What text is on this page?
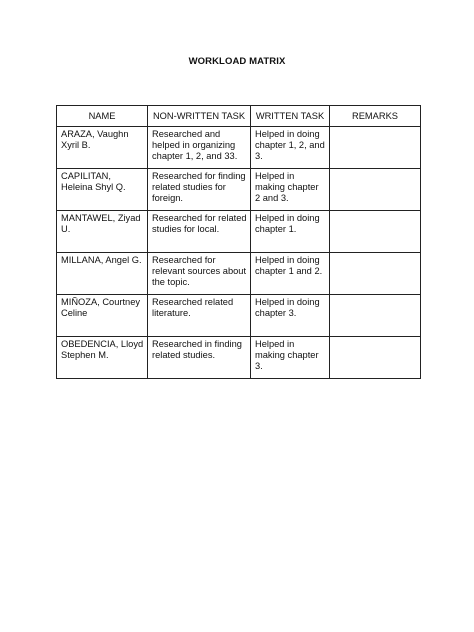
WORKLOAD MATRIX
NAME	NON-WRITTEN TASK	WRITTEN TASK	REMARKS
ARAZA, Vaughn Xyril B.	Researched and helped in organizing chapter 1, 2, and 33.	Helped in doing chapter 1, 2, and 3.	
CAPILITAN, Heleina Shyl Q.	Researched for finding related studies for foreign.	Helped in making chapter 2 and 3.	
MANTAWEL, Ziyad U.	Researched for related studies for local.	Helped in doing chapter 1.	
MILLANA, Angel G.	Researched for relevant sources about the topic.	Helped in doing chapter 1 and 2.	
MIÑOZA, Courtney Celine	Researched related literature.	Helped in doing chapter 3.	
OBEDENCIA, Lloyd Stephen M.	Researched in finding related studies.	Helped in making chapter 3.	
